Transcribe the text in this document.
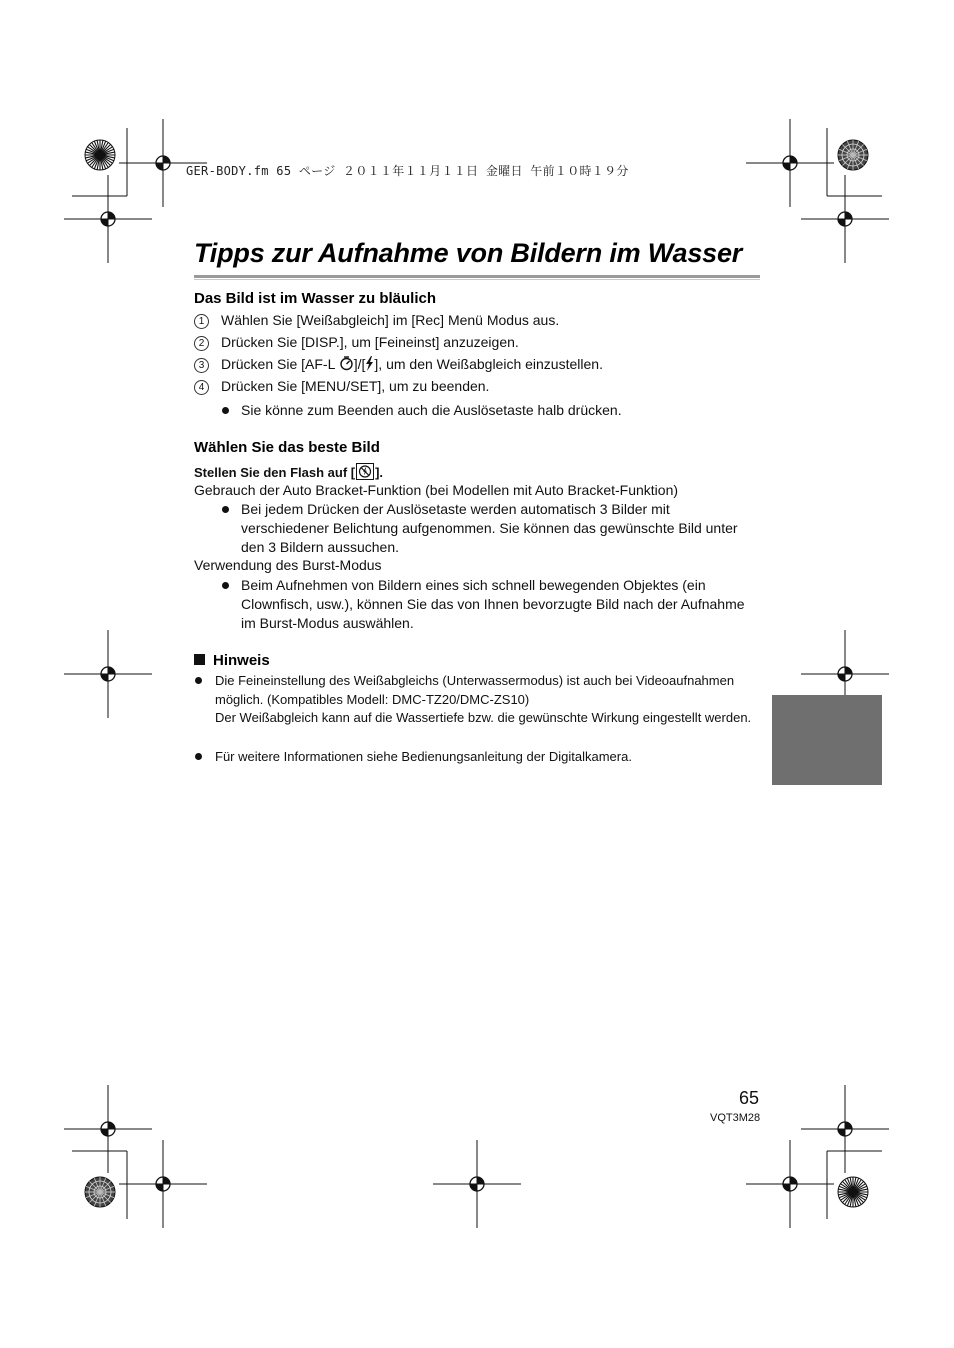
GER-BODY.fm 65 ページ ２０１１年１１月１１日 金曜日 午前１０時１９分
Tipps zur Aufnahme von Bildern im Wasser
Das Bild ist im Wasser zu bläulich
1 Wählen Sie [Weißabgleich] im [Rec] Menü Modus aus.
2 Drücken Sie [DISP.], um [Feineinst] anzuzeigen.
3 Drücken Sie [AF-L ]/[ ], um den Weißabgleich einzustellen.
4 Drücken Sie [MENU/SET], um zu beenden.
Sie könne zum Beenden auch die Auslösetaste halb drücken.
Wählen Sie das beste Bild
Stellen Sie den Flash auf [ ].
Gebrauch der Auto Bracket-Funktion (bei Modellen mit Auto Bracket-Funktion)
Bei jedem Drücken der Auslösetaste werden automatisch 3 Bilder mit verschiedener Belichtung aufgenommen. Sie können das gewünschte Bild unter den 3 Bildern aussuchen.
Verwendung des Burst-Modus
Beim Aufnehmen von Bildern eines sich schnell bewegenden Objektes (ein Clownfisch, usw.), können Sie das von Ihnen bevorzugte Bild nach der Aufnahme im Burst-Modus auswählen.
Hinweis
Die Feineinstellung des Weißabgleichs (Unterwassermodus) ist auch bei Videoaufnahmen möglich. (Kompatibles Modell: DMC-TZ20/DMC-ZS10)
Der Weißabgleich kann auf die Wassertiefe bzw. die gewünschte Wirkung eingestellt werden.
Für weitere Informationen siehe Bedienungsanleitung der Digitalkamera.
65
VQT3M28
